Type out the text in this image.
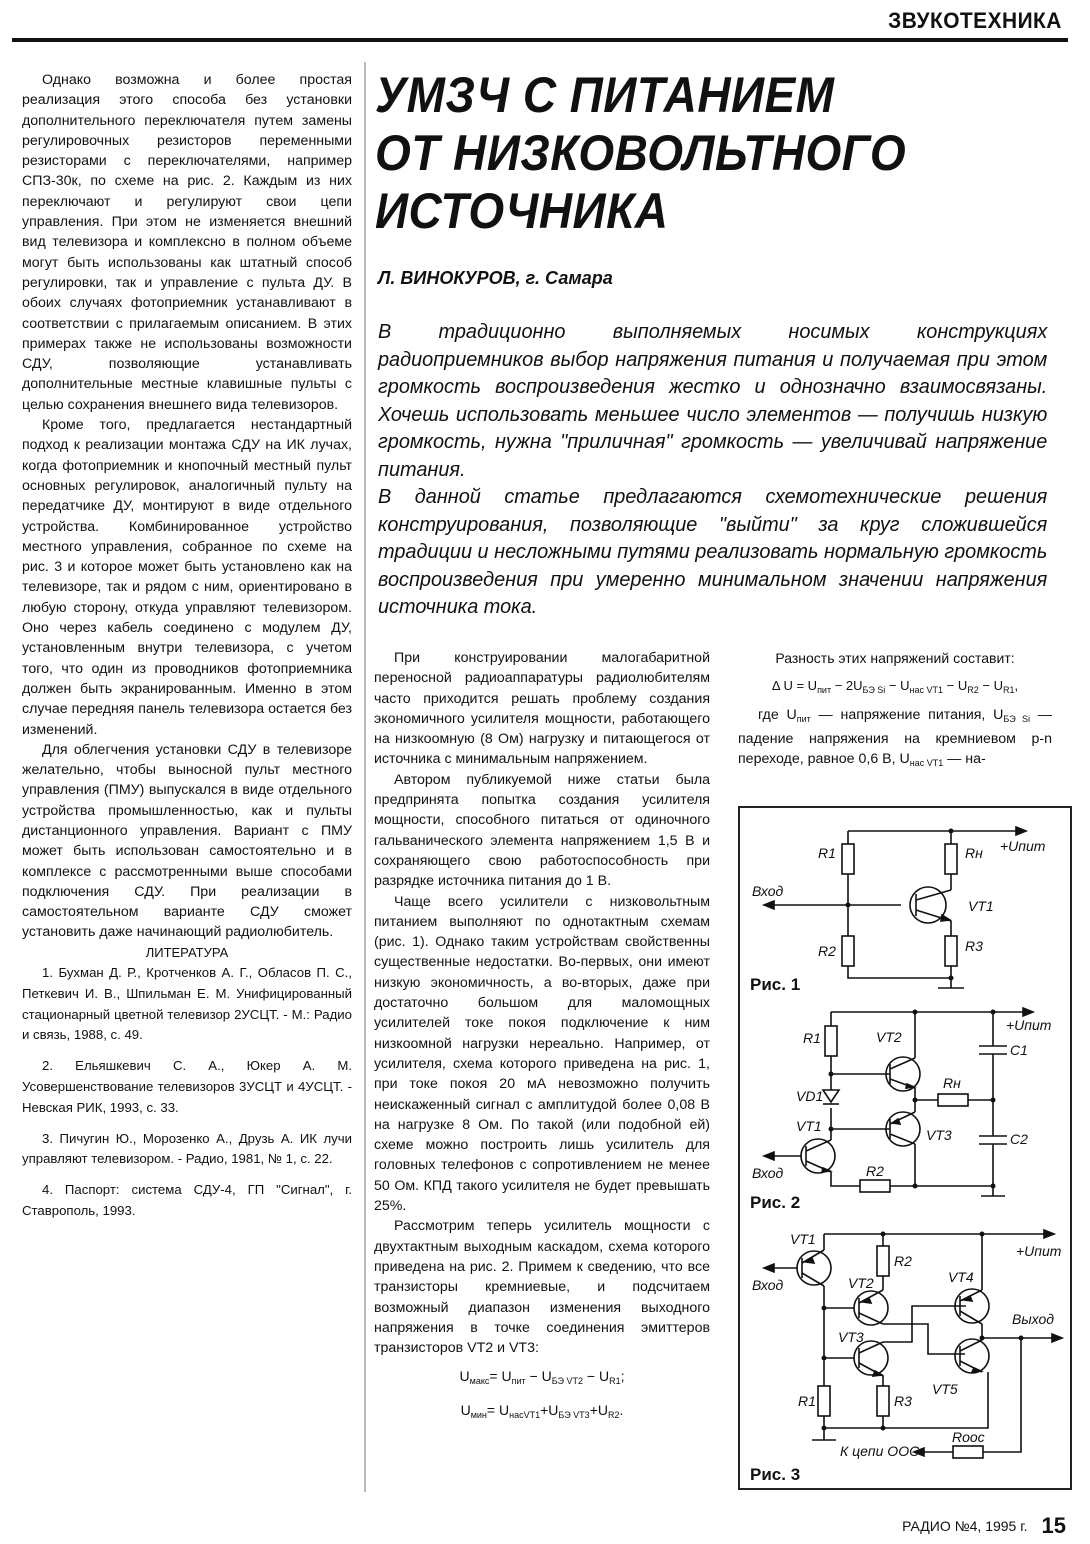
ЗВУКОТЕХНИКА

Однако возможна и более простая реализация этого способа без установки дополнительного переключателя путем замены регулировочных резисторов переменными резисторами с переключателями, например СПЗ-30к, по схеме на рис. 2. Каждым из них переключают и регулируют свои цепи управления. При этом не изменяется внешний вид телевизора и комплексно в полном объеме могут быть использованы как штатный способ регулировки, так и управление с пульта ДУ. В обоих случаях фотоприемник устанавливают в соответствии с прилагаемым описанием. В этих примерах также не использованы возможности СДУ, позволяющие устанавливать дополнительные местные клавишные пульты с целью сохранения внешнего вида телевизоров.

Кроме того, предлагается нестандартный подход к реализации монтажа СДУ на ИК лучах, когда фотоприемник и кнопочный местный пульт основных регулировок, аналогичный пульту на передатчике ДУ, монтируют в виде отдельного устройства. Комбинированное устройство местного управления, собранное по схеме на рис. 3 и которое может быть установлено как на телевизоре, так и рядом с ним, ориентировано в любую сторону, откуда управляют телевизором. Оно через кабель соединено с модулем ДУ, установленным внутри телевизора, с учетом того, что один из проводников фотоприемника должен быть экранированным. Именно в этом случае передняя панель телевизора остается без изменений.

Для облегчения установки СДУ в телевизоре желательно, чтобы выносной пульт местного управления (ПМУ) выпускался в виде отдельного устройства промышленностью, как и пульты дистанционного управления. Вариант с ПМУ может быть использован самостоятельно и в комплексе с рассмотренными выше способами подключения СДУ. При реализации в самостоятельном варианте СДУ сможет установить даже начинающий радиолюбитель.

ЛИТЕРАТУРА

1. Бухман Д. Р., Кротченков А. Г., Обласов П. С., Петкевич И. В., Шпильман Е. М. Унифицированный стационарный цветной телевизор 2УСЦТ. - М.: Радио и связь, 1988, с. 49.

2. Ельяшкевич С. А., Юкер А. М. Усовершенствование телевизоров 3УСЦТ и 4УСЦТ. - Невская РИК, 1993, с. 33.

3. Пичугин Ю., Морозенко А., Друзь А. ИК лучи управляют телевизором. - Радио, 1981, № 1, с. 22.

4. Паспорт: система СДУ-4, ГП "Сигнал", г. Ставрополь, 1993.

УМЗЧ С ПИТАНИЕМ
ОТ НИЗКОВОЛЬТНОГО
ИСТОЧНИКА
Л. ВИНОКУРОВ, г. Самара

В традиционно выполняемых носимых конструкциях радиоприемников выбор напряжения питания и получаемая при этом громкость воспроизведения жестко и однозначно взаимосвязаны. Хочешь использовать меньшее число элементов — получишь низкую громкость, нужна "приличная" громкость — увеличивай напряжение питания.

В данной статье предлагаются схемотехнические решения конструирования, позволяющие "выйти" за круг сложившейся традиции и несложными путями реализовать нормальную громкость воспроизведения при умеренно минимальном значении напряжения источника тока.

При конструировании малогабаритной переносной радиоаппаратуры радиолюбителям часто приходится решать проблему создания экономичного усилителя мощности, работающего на низкоомную (8 Ом) нагрузку и питающегося от источника с минимальным напряжением.

Автором публикуемой ниже статьи была предпринята попытка создания усилителя мощности, способного питаться от одиночного гальванического элемента напряжением 1,5 В и сохраняющего свою работоспособность при разрядке источника питания до 1 В.

Чаще всего усилители с низковольтным питанием выполняют по однотактным схемам (рис. 1). Однако таким устройствам свойственны существенные недостатки. Во-первых, они имеют низкую экономичность, а во-вторых, даже при достаточно большом для маломощных усилителей токе покоя подключение к ним низкоомной нагрузки нереально. Например, от усилителя, схема которого приведена на рис. 1, при токе покоя 20 мА невозможно получить неискаженный сигнал с амплитудой более 0,08 В на нагрузке 8 Ом. По такой (или подобной ей) схеме можно построить лишь усилитель для головных телефонов с сопротивлением не менее 50 Ом. КПД такого усилителя не будет превышать 25%.

Рассмотрим теперь усилитель мощности с двухтактным выходным каскадом, схема которого приведена на рис. 2. Примем к сведению, что все транзисторы кремниевые, и подсчитаем возможный диапазон изменения выходного напряжения в точке соединения эмиттеров транзисторов VT2 и VT3:

$U_{макс}= U_{пит} - U_{БЭ VT2} - U_{R1}$;

$U_{мин}= U_{насVT1}+U_{БЭ VT3}+U_{R2}$.

Разность этих напряжений составит:

Δ $U = U_{пит} - 2U_{БЭ Si} - U_{нас VT1} - U_{R2} - U_{R1}$,

где $U_{пит}$ — напряжение питания, $U_{БЭ Si}$ — падение напряжения на кремниевом p-n переходе, равное 0,6 В, $U_{нас VT1}$ — на-

R1
R2	R3
Rн
VT1
Вход
+Uпит
Рис. 1
R1
R2
Rн
VD1
VT1
VT2
VT3
C1
C2
Вход
+Uпит
Рис. 2
R2
R1	R3
Rоос
VT1
VT2
VT3
VT4
VT5
Вход
Выход
+Uпит
К цепи ООС
Рис. 3
РАДИО №4, 1995 г. 15
